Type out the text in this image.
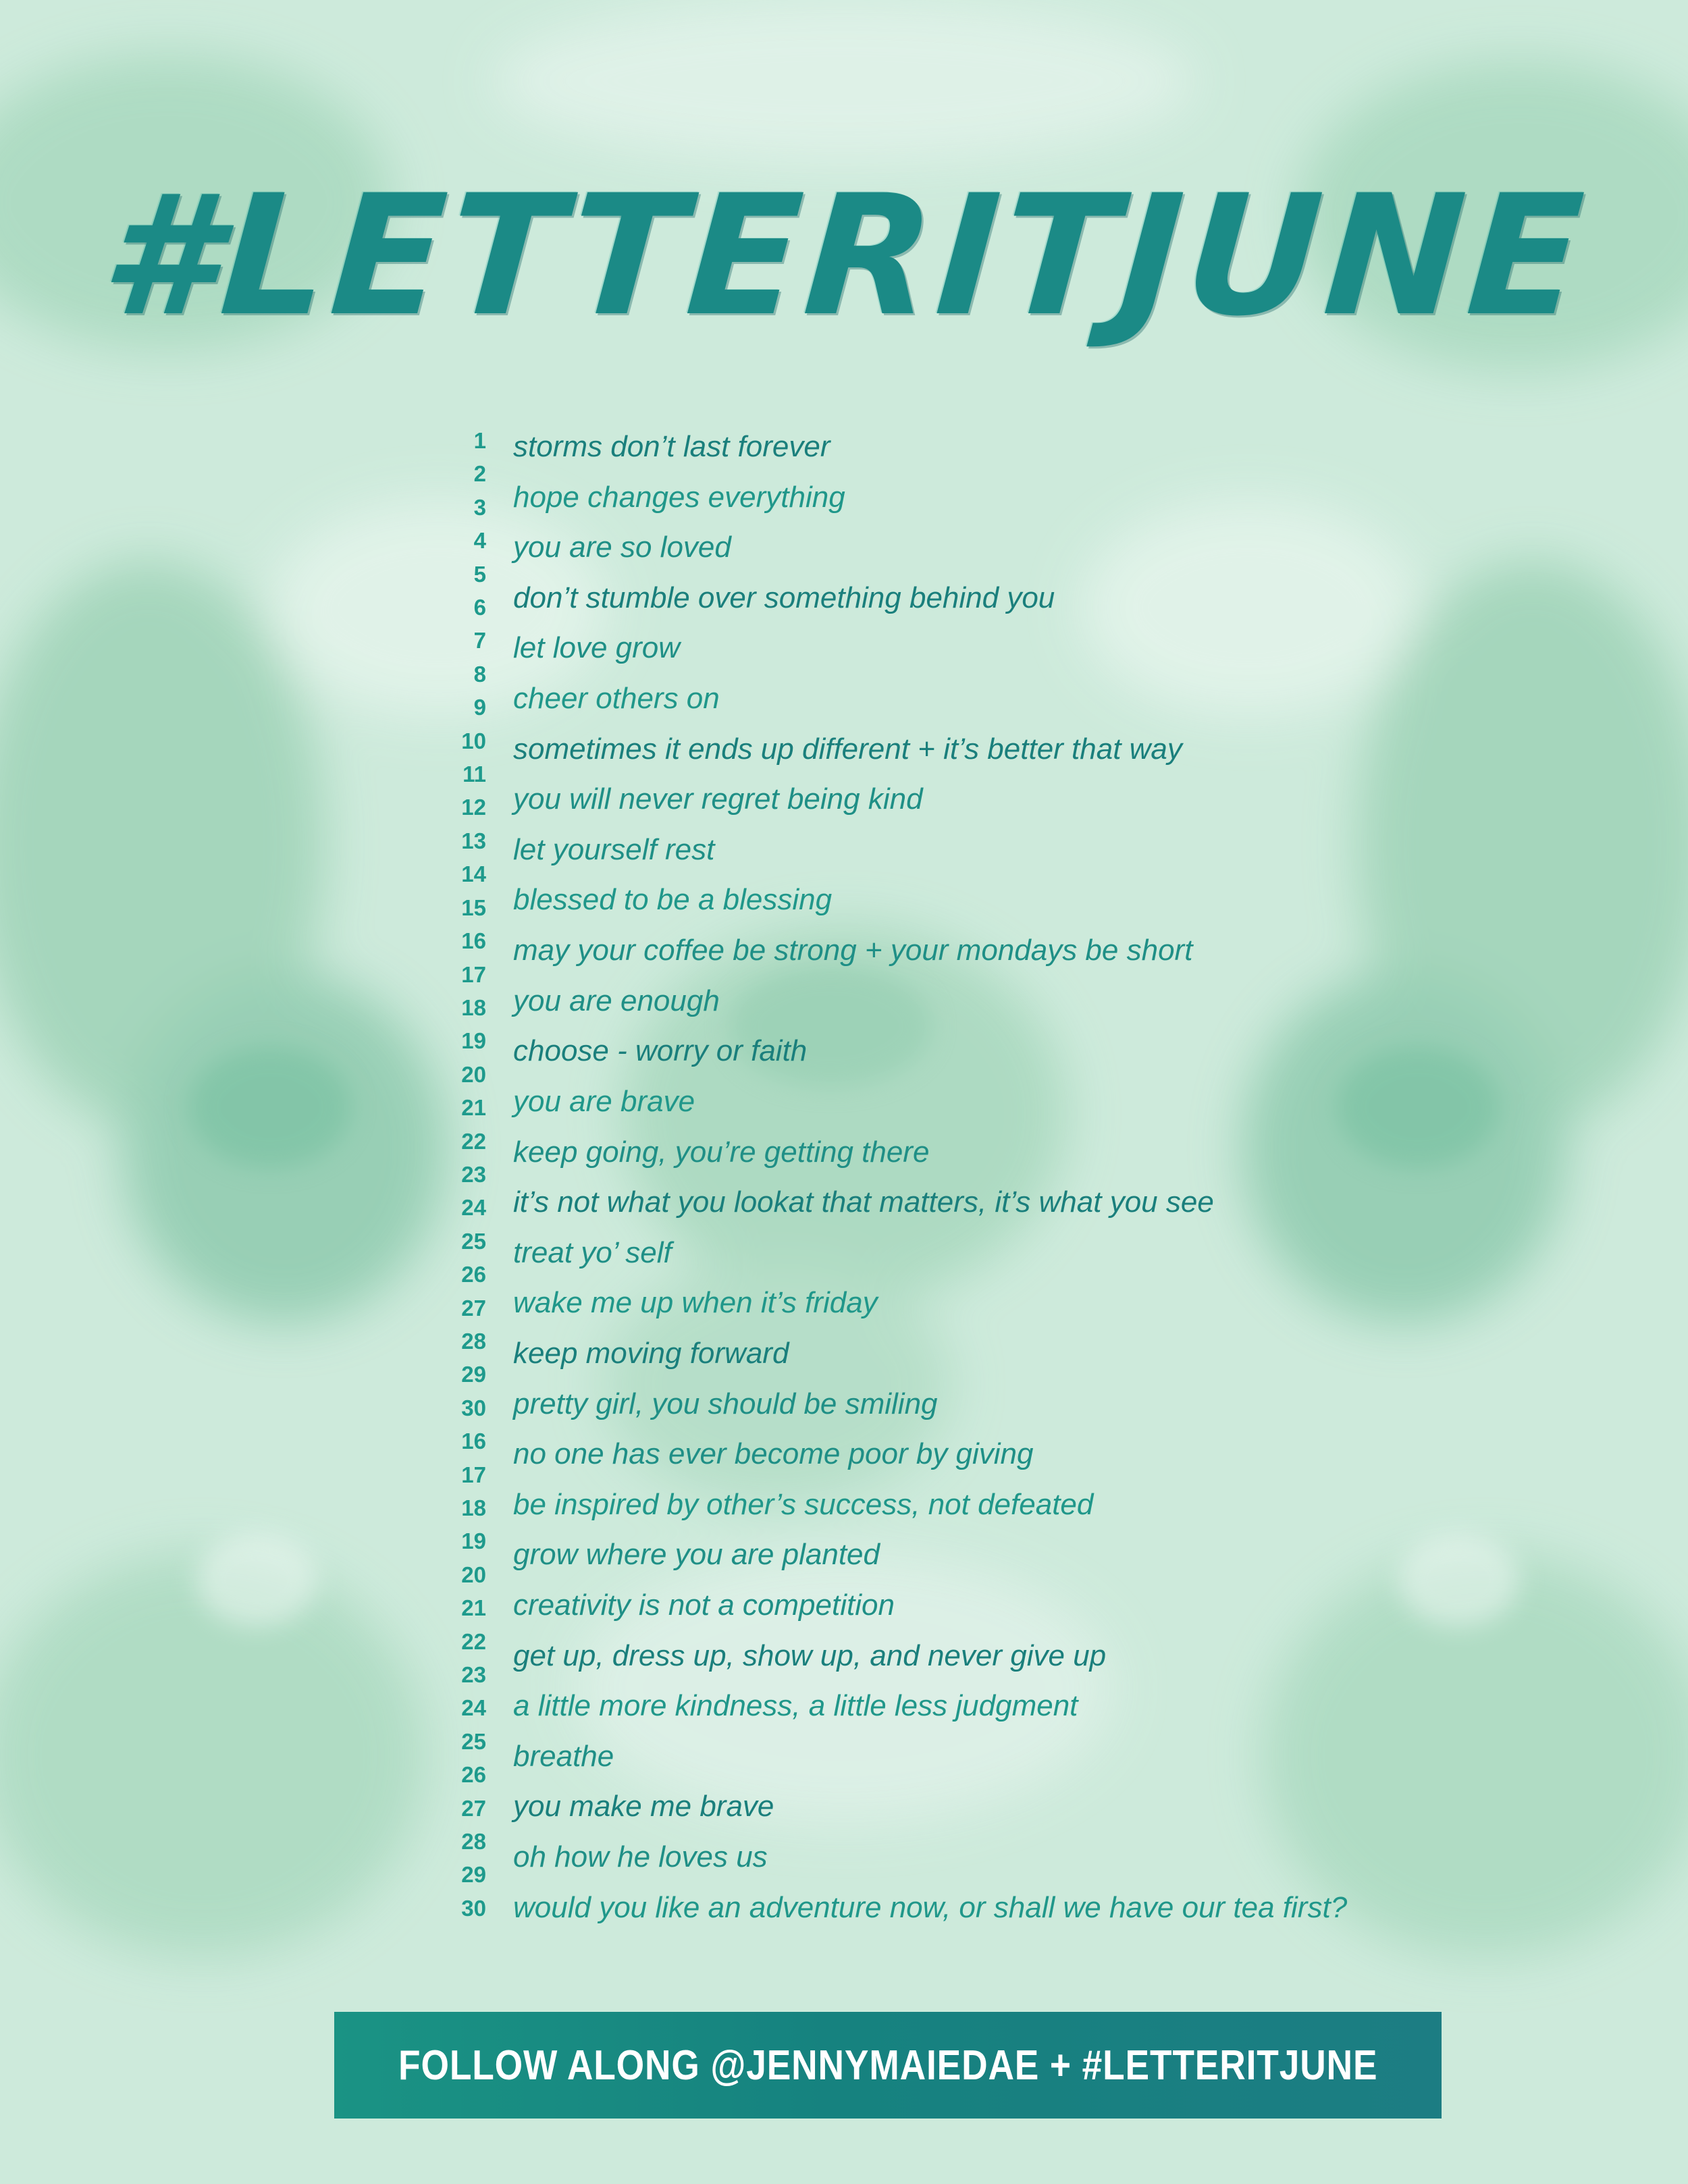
#LETTERITJUNE
1
2
3
4
5
6
7
8
9
10
11
12
13
14
15
16
17
18
19
20
21
22
23
24
25
26
27
28
29
30
16
17
18
19
20
21
22
23
24
25
26
27
28
29
30
storms don’t last forever
hope changes everything
you are so loved
don’t stumble over something behind you
let love grow
cheer others on
sometimes it ends up different + it’s better that way
you will never regret being kind
let yourself rest
blessed to be a blessing
may your coffee be strong + your mondays be short
you are enough
choose - worry or faith
you are brave
keep going, you’re getting there
it’s not what you lookat that matters, it’s what you see
treat yo’ self
wake me up when it’s friday
keep moving forward
pretty girl, you should be smiling
no one has ever become poor by giving
be inspired by other’s success, not defeated
grow where you are planted
creativity is not a competition
get up, dress up, show up, and never give up
a little more kindness, a little less judgment
breathe
you make me brave
oh how he loves us
would you like an adventure now, or shall we have our tea first?
FOLLOW ALONG @JENNYMAIEDAE + #LETTERITJUNE
